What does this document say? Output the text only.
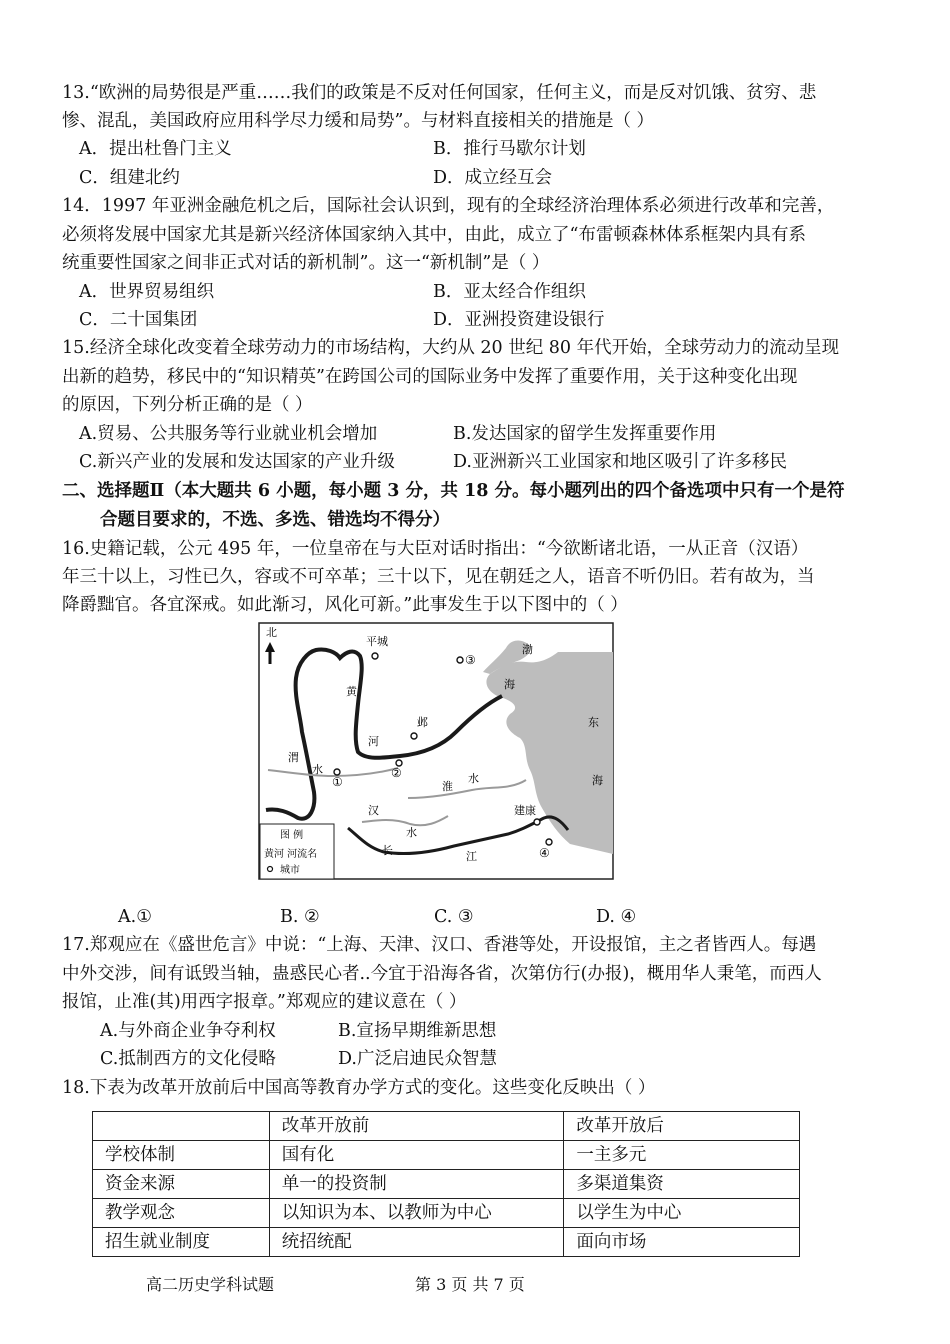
13.“欧洲的局势很是严重……我们的政策是不反对任何国家，任何主义，而是反对饥饿、贫穷、悲
惨、混乱，美国政府应用科学尽力缓和局势”。与材料直接相关的措施是（ ）
A．提出杜鲁门主义	B．推行马歇尔计划
C．组建北约	D．成立经互会
14．1997 年亚洲金融危机之后，国际社会认识到，现有的全球经济治理体系必须进行改革和完善，
必须将发展中国家尤其是新兴经济体国家纳入其中，由此，成立了“布雷顿森林体系框架内具有系
统重要性国家之间非正式对话的新机制”。这一“新机制”是（ ）
A．世界贸易组织	B．亚太经合作组织
C．二十国集团	D．亚洲投资建设银行
15.经济全球化改变着全球劳动力的市场结构，大约从 20 世纪 80 年代开始，全球劳动力的流动呈现
出新的趋势，移民中的“知识精英”在跨国公司的国际业务中发挥了重要作用，关于这种变化出现
的原因，下列分析正确的是（ ）
A.贸易、公共服务等行业就业机会增加	B.发达国家的留学生发挥重要作用
C.新兴产业的发展和发达国家的产业升级	D.亚洲新兴工业国家和地区吸引了许多移民
二、选择题Ⅱ（本大题共 6 小题，每小题 3 分，共 18 分。每小题列出的四个备选项中只有一个是符
合题目要求的，不选、多选、错选均不得分）
16.史籍记载，公元 495 年，一位皇帝在与大臣对话时指出：“今欲断诸北语，一从正音（汉语）
年三十以上，习性已久，容或不可卒革；三十以下，见在朝廷之人，语音不听仍旧。若有故为，当
降爵黜官。各宜深戒。如此渐习，风化可新。”此事发生于以下图中的（ ）
北
平城
邺
建康
①
②
③
④
黄
河
渭
水
淮
水
汉
水
长	江
渤
海
东
海
图 例
黄河 河流名
城市
A.①	B. ②	C. ③	D. ④
17.郑观应在《盛世危言》中说：“上海、天津、汉口、香港等处，开设报馆，主之者皆西人。每遇
中外交涉，间有诋毁当轴，蛊惑民心者..今宜于沿海各省，次第仿行(办报)，概用华人秉笔，而西人
报馆，止准(其)用西字报章。”郑观应的建议意在（ ）
A.与外商企业争夺利权	B.宣扬早期维新思想
C.抵制西方的文化侵略	D.广泛启迪民众智慧
18.下表为改革开放前后中国高等教育办学方式的变化。这些变化反映出（ ）
	改革开放前	改革开放后
学校体制	国有化	一主多元
资金来源	单一的投资制	多渠道集资
教学观念	以知识为本、以教师为中心	以学生为中心
招生就业制度	统招统配	面向市场
高二历史学科试题	第 3 页 共 7 页
